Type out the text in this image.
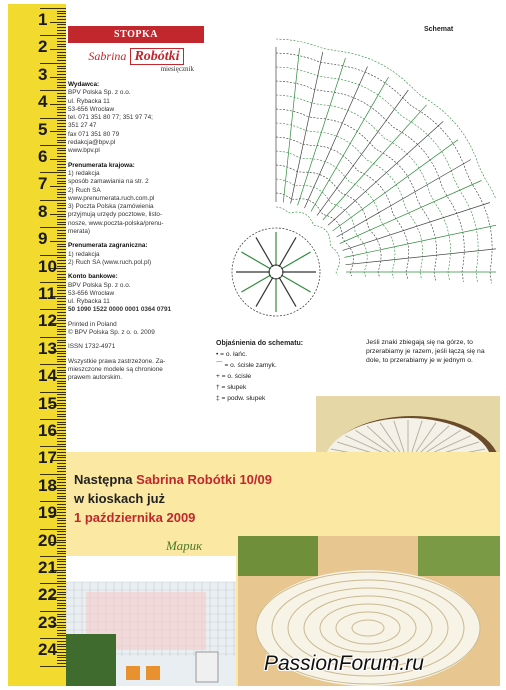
1
2
3
4
5
6
7
8
9
10
11
12
13
14
15
16
17
18
19
20
21
22
23
24
STOPKA
Sabrina Robótki
miesięcznik

Wydawca:
BPV Polska Sp. z o.o.
ul. Rybacka 11
53-656 Wrocław
tel. 071 351 80 77; 351 97 74;
351 27 47
fax 071 351 80 79
redakcja@bpv.pl
www.bpv.pl

Prenumerata krajowa:
1) redakcja
sposób zamawiania na str. 2
2) Ruch SA
www.prenumerata.ruch.com.pl
3) Poczta Polska (zamówienia
przyjmują urzędy pocztowe, listo-
nosze, www.poczta-polska/prenu-
merata)

Prenumerata zagraniczna:
1) redakcja
2) Ruch SA (www.ruch.pol.pl)

Konto bankowe:
BPV Polska Sp. z o.o.
53-656 Wrocław
ul. Rybacka 11
50 1090 1522 0000 0001 0364 0791

Printed in Poland
© BPV Polska Sp. z o. o. 2009

ISSN 1732-4971

Wszystkie prawa zastrzeżone. Za-
mieszczone modele są chronione
prawem autorskim.

Schemat
Objaśnienia do schematu:
• = o. łańc.
⌒ = o. ścisłe zamyk.
+ = o. ścisłe
† = słupek
‡ = podw. słupek
Jeśli znaki zbiegają się na górze, to przerabiamy je razem, jeśli łączą się na dole, to przerabiamy je w jednym o.
Następna Sabrina Robótki 10/09
w kioskach już
1 października 2009
Марик
PassionForum.ru
